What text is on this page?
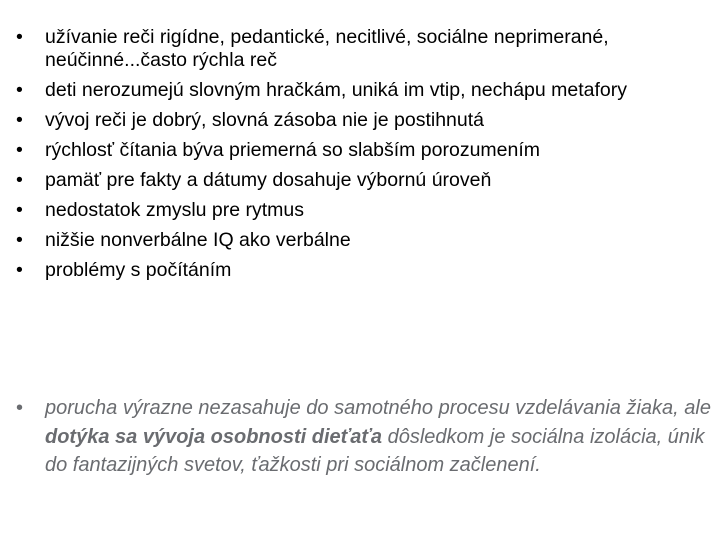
• užívanie reči rigídne, pedantické, necitlivé, sociálne neprimerané, neúčinné...často rýchla reč
• deti nerozumejú slovným hračkám, uniká im vtip, nechápu metafory
• vývoj reči je dobrý, slovná zásoba nie je postihnutá
• rýchlosť čítania býva priemerná so slabším porozumením
• pamäť pre fakty a dátumy dosahuje výbornú úroveň
• nedostatok zmyslu pre rytmus
• nižšie nonverbálne IQ ako verbálne
• problémy s počítáním
• porucha výrazne nezasahuje do samotného procesu vzdelávania žiaka, ale dotýka sa vývoja osobnosti dieťaťa dôsledkom je sociálna izolácia, únik do fantazijných svetov, ťažkosti pri sociálnom začlenení.
